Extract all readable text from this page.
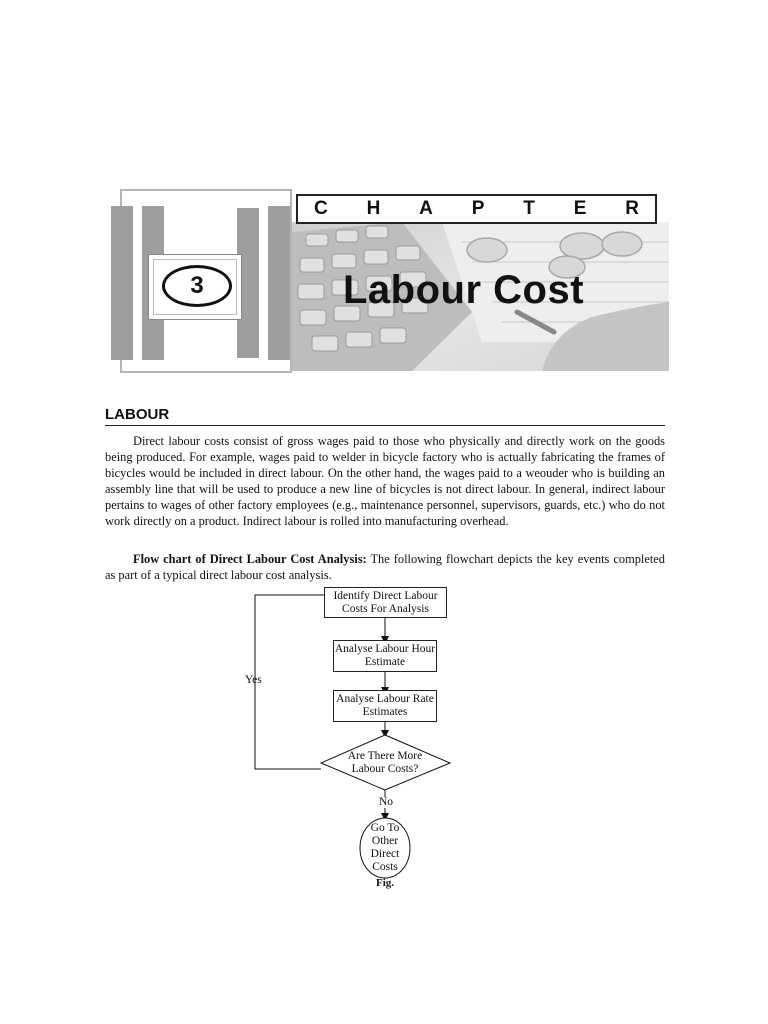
3
C H A P T E R
Labour Cost
LABOUR

Direct labour costs consist of gross wages paid to those who physically and directly work on the goods being produced. For example, wages paid to welder in bicycle factory who is actually fabricating the frames of bicycles would be included in direct labour. On the other hand, the wages paid to a weouder who is building an assembly line that will be used to produce a new line of bicycles is not direct labour. In general, indirect labour pertains to wages of other factory employees (e.g., maintenance personnel, supervisors, guards, etc.) who do not work directly on a product. Indirect labour is rolled into manufacturing overhead.

Flow chart of Direct Labour Cost Analysis: The following flowchart depicts the key events completed as part of a typical direct labour cost analysis.

Identify Direct Labour Costs For Analysis
Analyse Labour Hour Estimate
Analyse Labour Rate Estimates
Are There More Labour Costs?
Yes
No
Go To Other Direct Costs
Fig.
